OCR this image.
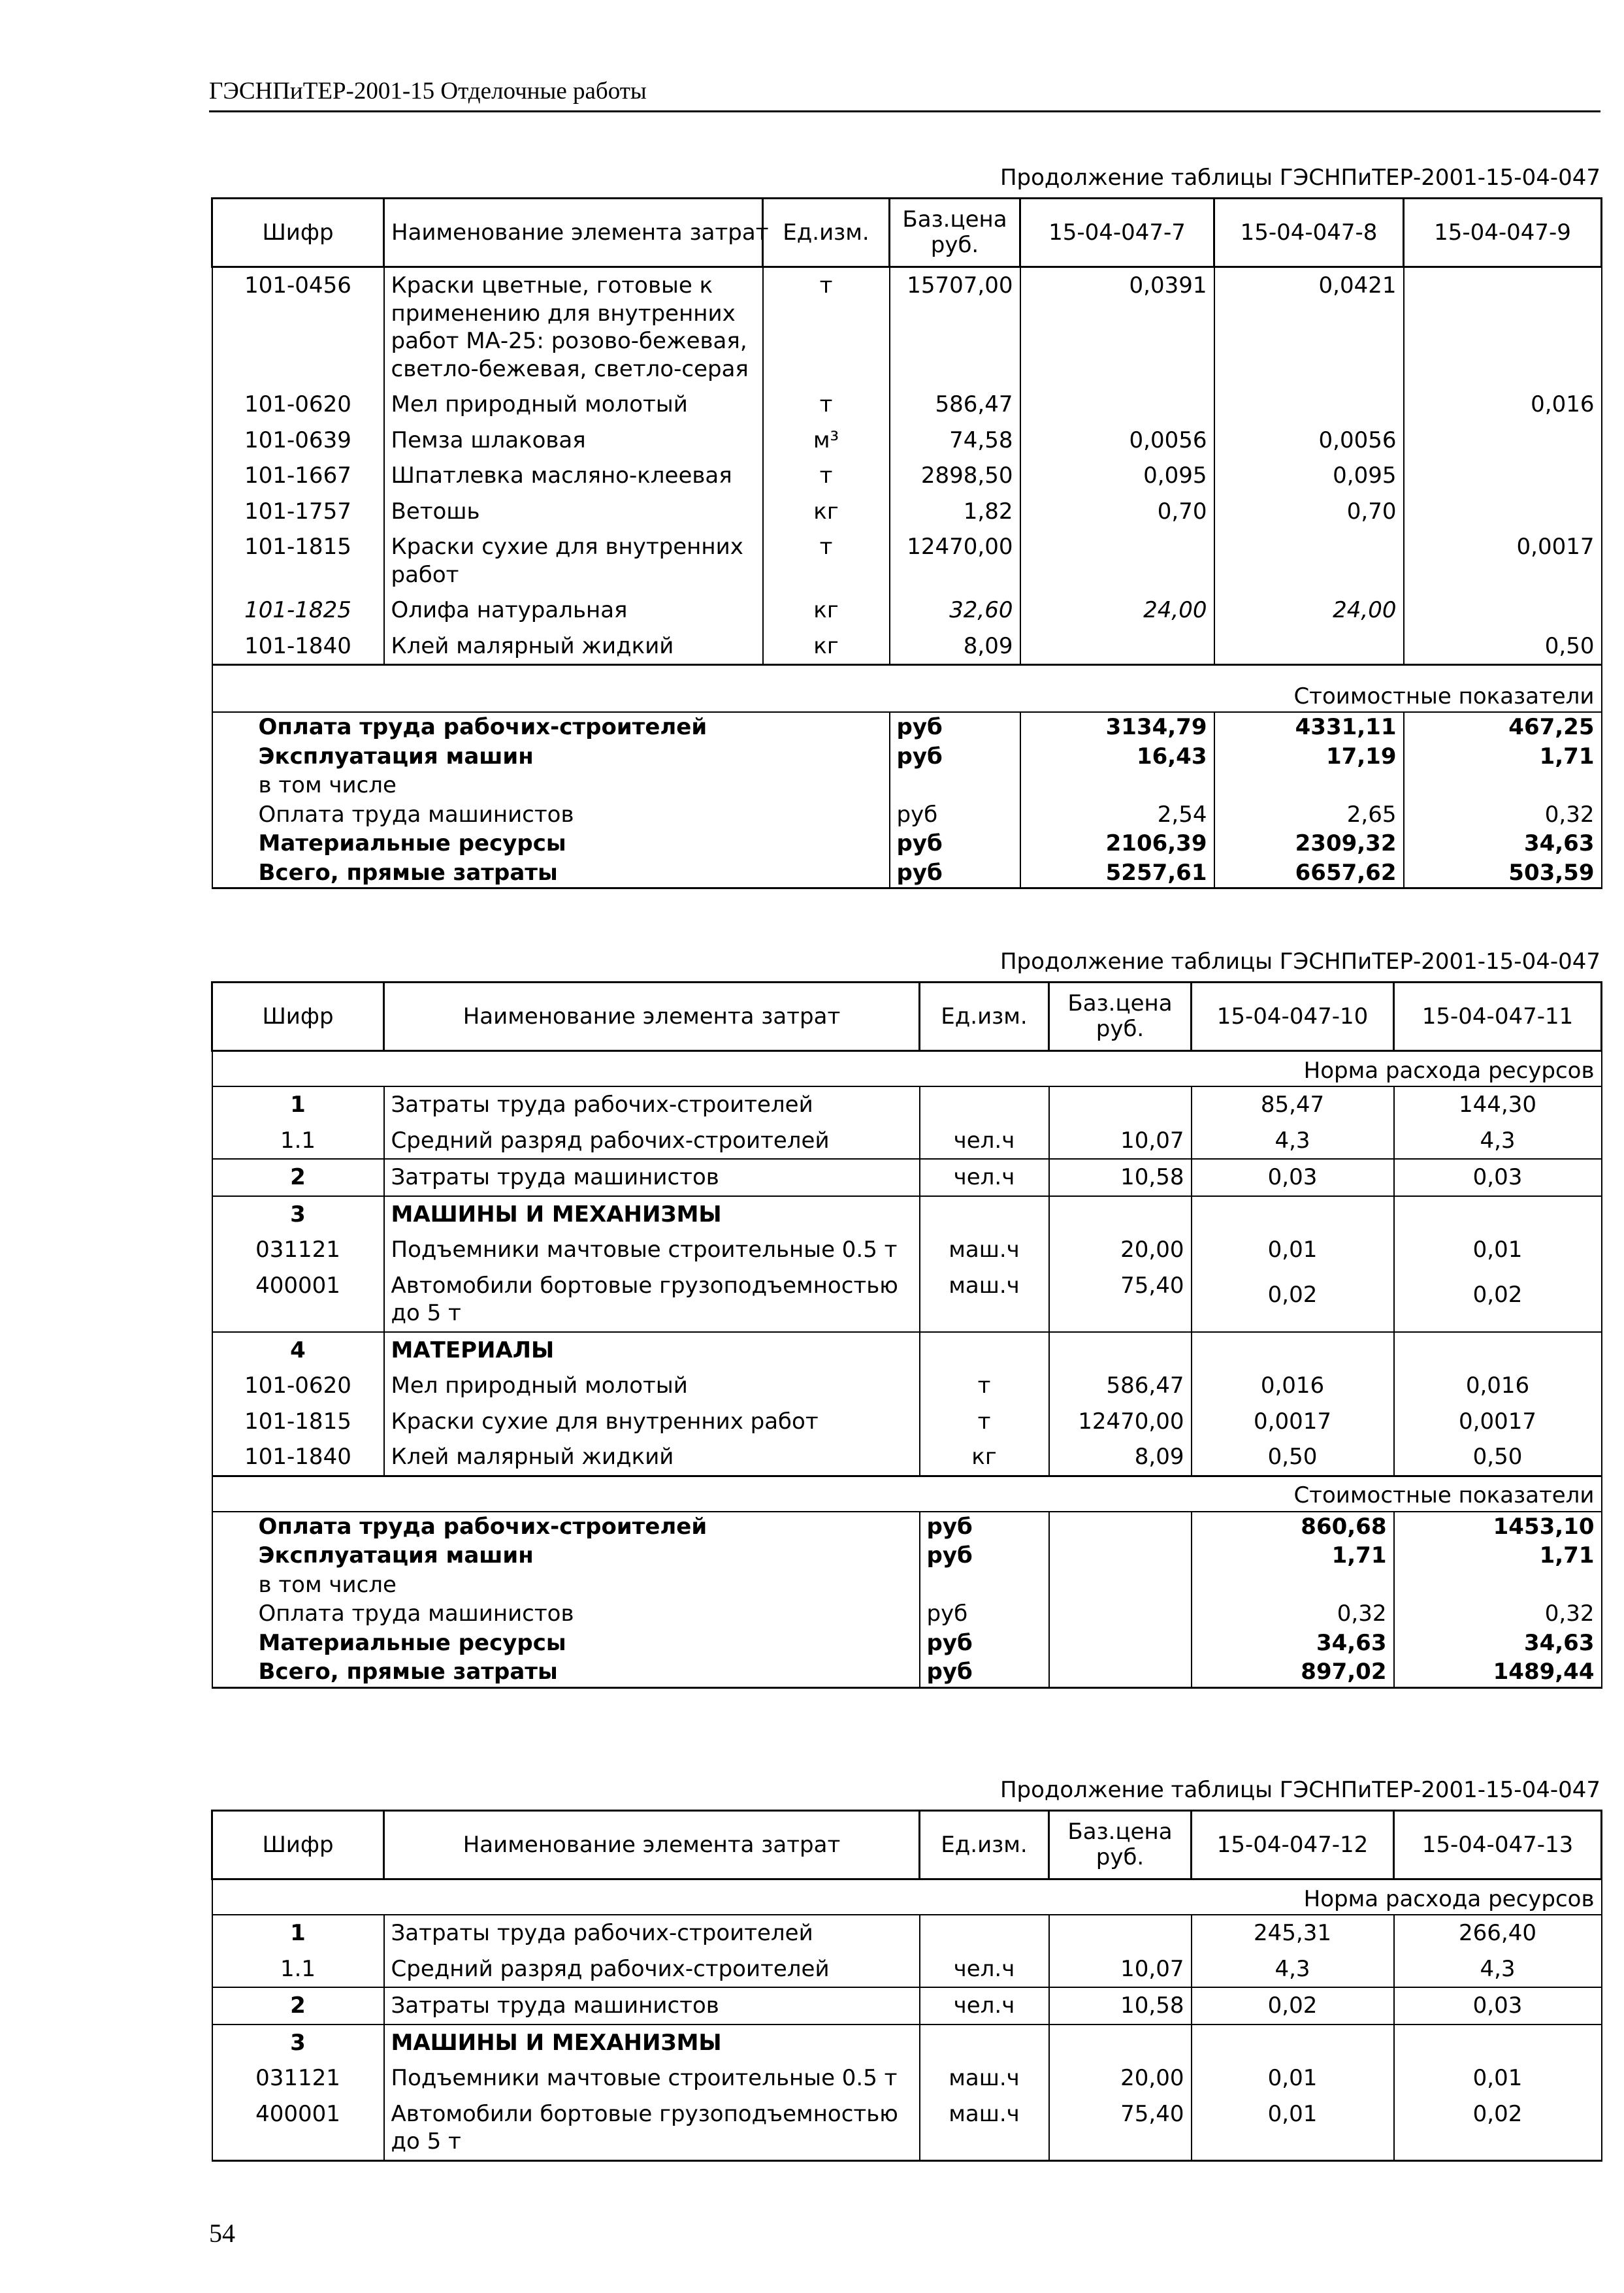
ГЭСНПиТЕР-2001-15 Отделочные работы
Продолжение таблицы ГЭСНПиТЕР-2001-15-04-047
Шифр	Наименование элемента затрат	Ед.изм.	Баз.цена руб.	15-04-047-7	15-04-047-8	15-04-047-9
101-0456	Краски цветные, готовые к применению для внутренних работ МА-25: розово-бежевая, светло-бежевая, светло-серая	т	15707,00	0,0391	0,0421	
101-0620	Мел природный молотый	т	586,47			0,016
101-0639	Пемза шлаковая	м³	74,58	0,0056	0,0056	
101-1667	Шпатлевка масляно-клеевая	т	2898,50	0,095	0,095	
101-1757	Ветошь	кг	1,82	0,70	0,70	
101-1815	Краски сухие для внутренних работ	т	12470,00			0,0017
101-1825	Олифа натуральная	кг	32,60	24,00	24,00	
101-1840	Клей малярный жидкий	кг	8,09			0,50
Стоимостные показатели						
Оплата труда рабочих-строителей			руб	3134,79	4331,11	467,25
Эксплуатация машин			руб	16,43	17,19	1,71
в том числе						
Оплата труда машинистов			руб	2,54	2,65	0,32
Материальные ресурсы			руб	2106,39	2309,32	34,63
Всего, прямые затраты			руб	5257,61	6657,62	503,59
Продолжение таблицы ГЭСНПиТЕР-2001-15-04-047
Шифр	Наименование элемента затрат	Ед.изм.	Баз.цена руб.	15-04-047-10	15-04-047-11
Норма расхода ресурсов					
1	Затраты труда рабочих-строителей			85,47	144,30
1.1	Средний разряд рабочих-строителей	чел.ч	10,07	4,3	4,3
2	Затраты труда машинистов	чел.ч	10,58	0,03	0,03
3	МАШИНЫ И МЕХАНИЗМЫ				
031121	Подъемники мачтовые строительные 0.5 т	маш.ч	20,00	0,01	0,01
400001	Автомобили бортовые грузоподъемностью до 5 т	маш.ч	75,40	0,02	0,02
4	МАТЕРИАЛЫ				
101-0620	Мел природный молотый	т	586,47	0,016	0,016
101-1815	Краски сухие для внутренних работ	т	12470,00	0,0017	0,0017
101-1840	Клей малярный жидкий	кг	8,09	0,50	0,50
Стоимостные показатели					
Оплата труда рабочих-строителей		руб		860,68	1453,10
Эксплуатация машин		руб		1,71	1,71
в том числе					
Оплата труда машинистов		руб		0,32	0,32
Материальные ресурсы		руб		34,63	34,63
Всего, прямые затраты		руб		897,02	1489,44
Продолжение таблицы ГЭСНПиТЕР-2001-15-04-047
Шифр	Наименование элемента затрат	Ед.изм.	Баз.цена руб.	15-04-047-12	15-04-047-13
Норма расхода ресурсов					
1	Затраты труда рабочих-строителей			245,31	266,40
1.1	Средний разряд рабочих-строителей	чел.ч	10,07	4,3	4,3
2	Затраты труда машинистов	чел.ч	10,58	0,02	0,03
3	МАШИНЫ И МЕХАНИЗМЫ				
031121	Подъемники мачтовые строительные 0.5 т	маш.ч	20,00	0,01	0,01
400001	Автомобили бортовые грузоподъемностью до 5 т	маш.ч	75,40	0,01	0,02
54
